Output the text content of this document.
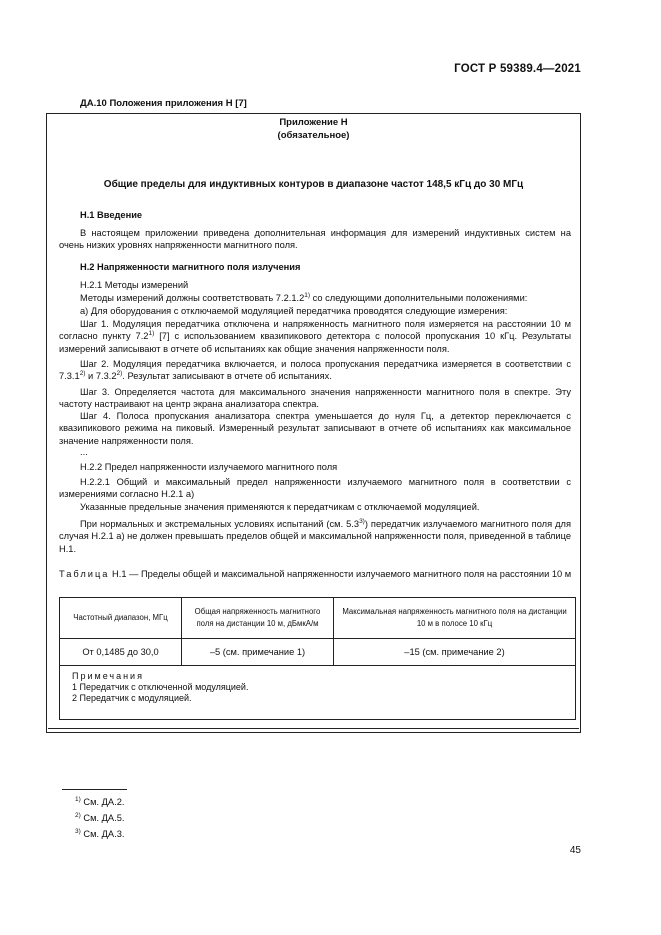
ГОСТ Р 59389.4—2021
ДА.10 Положения приложения Н [7]
Приложение Н
(обязательное)
Общие пределы для индуктивных контуров в диапазоне частот 148,5 кГц до 30 МГц
Н.1 Введение
В настоящем приложении приведена дополнительная информация для измерений индуктивных систем на очень низких уровнях напряженности магнитного поля.
Н.2 Напряженности магнитного поля излучения
Н.2.1 Методы измерений
Методы измерений должны соответствовать 7.2.1.2$^{1)}$ со следующими дополнительными положениями:
а) Для оборудования с отключаемой модуляцией передатчика проводятся следующие измерения:
Шаг 1. Модуляция передатчика отключена и напряженность магнитного поля измеряется на расстоянии 10 м согласно пункту 7.2$^{1)}$ [7] с использованием квазипикового детектора с полосой пропускания 10 кГц. Результаты измерений записывают в отчете об испытаниях как общие значения напряженности поля.
Шаг 2. Модуляция передатчика включается, и полоса пропускания передатчика измеряется в соответствии с 7.3.1$^{2)}$ и 7.3.2$^{2)}$. Результат записывают в отчете об испытаниях.
Шаг 3. Определяется частота для максимального значения напряженности магнитного поля в спектре. Эту частоту настраивают на центр экрана анализатора спектра.
Шаг 4. Полоса пропускания анализатора спектра уменьшается до нуля Гц, а детектор переключается с квазипикового режима на пиковый. Измеренный результат записывают в отчете об испытаниях как максимальное значение напряженности поля.
...
Н.2.2 Предел напряженности излучаемого магнитного поля
Н.2.2.1 Общий и максимальный предел напряженности излучаемого магнитного поля в соответствии с измерениями согласно Н.2.1 а)
Указанные предельные значения применяются к передатчикам с отключаемой модуляцией.
При нормальных и экстремальных условиях испытаний (см. 5.3$^{3)}$) передатчик излучаемого магнитного поля для случая Н.2.1 а) не должен превышать пределов общей и максимальной напряженности поля, приведенной в таблице Н.1.
Таблица Н.1 — Пределы общей и максимальной напряженности излучаемого магнитного поля на расстоянии 10 м
Частотный диапазон, МГц	Общая напряженность магнитного поля на дистанции 10 м, дБмкА/м	Максимальная напряженность магнитного поля на дистанции 10 м в полосе 10 кГц
От 0,1485 до 30,0	–5 (см. примечание 1)	–15 (см. примечание 2)

Примечания
1 Передатчик с отключенной модуляцией.
2 Передатчик с модуляцией.		
$^{1)}$ См. ДА.2.
$^{2)}$ См. ДА.5.
$^{3)}$ См. ДА.3.
45
